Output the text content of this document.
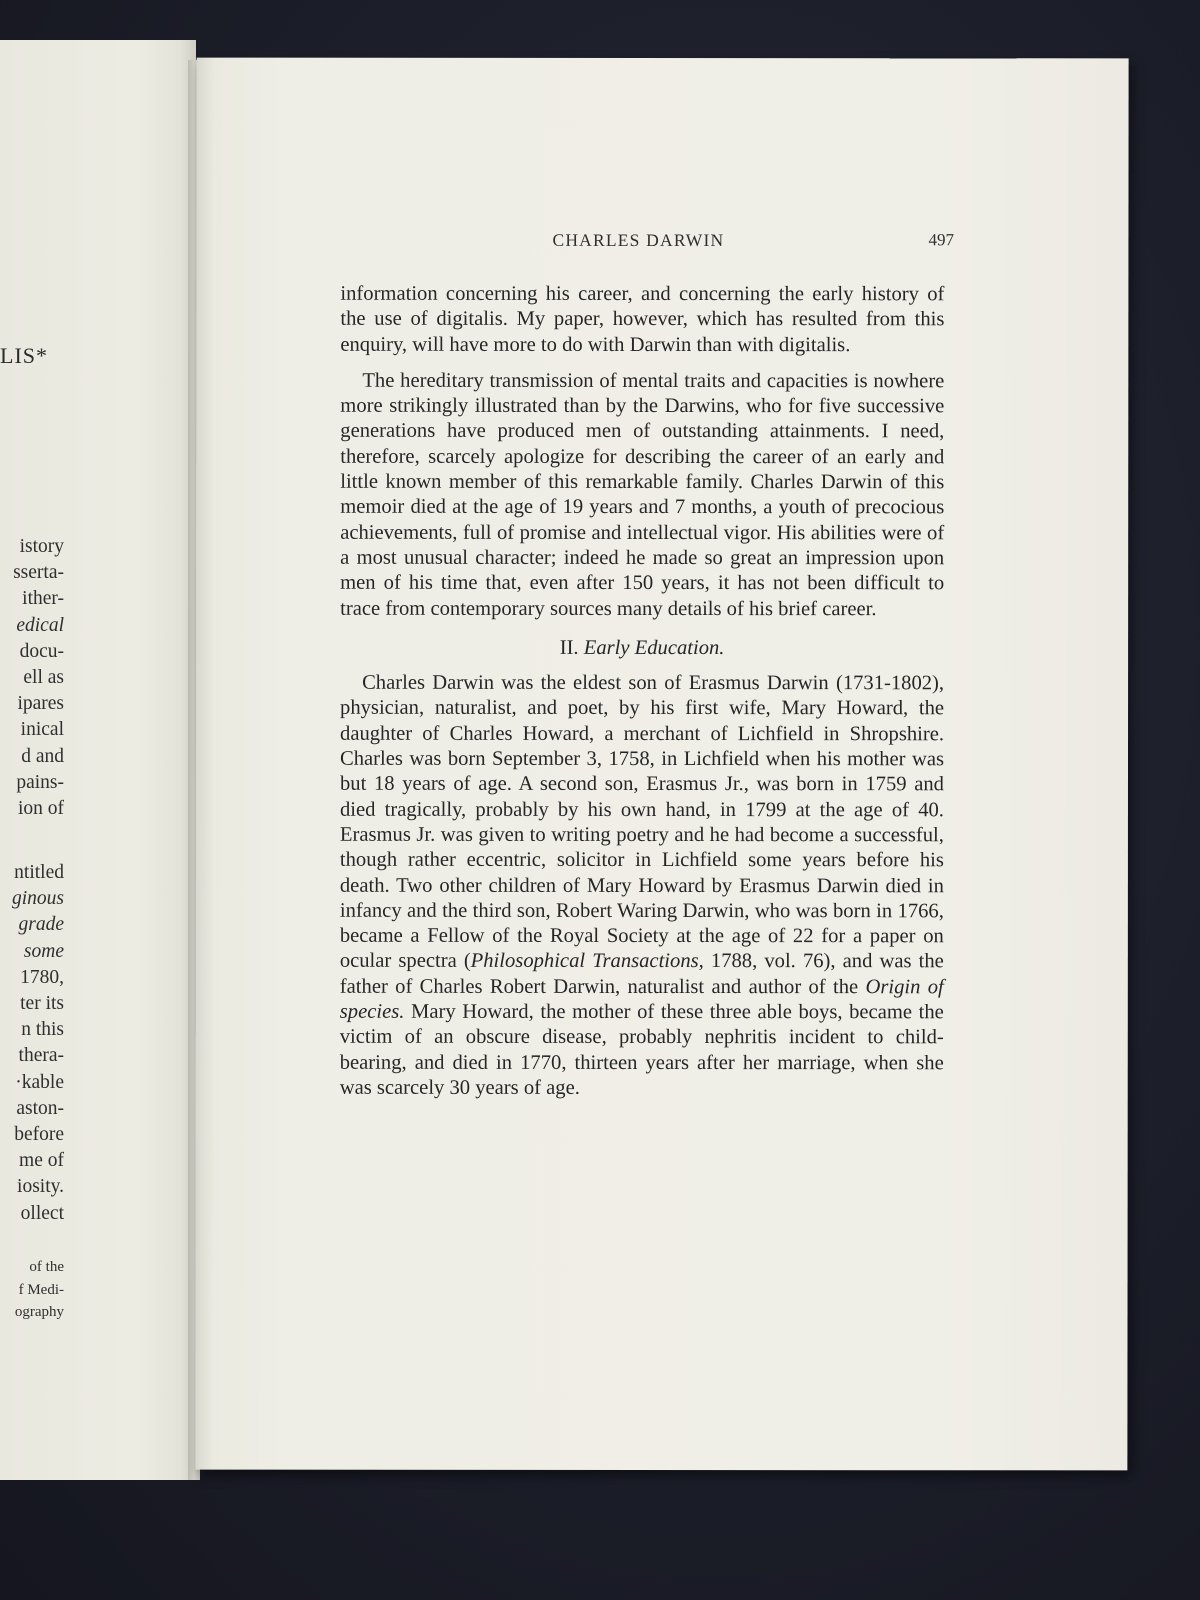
LIS*
istory
sserta-
ither-
edical
docu-
ell as
ipares
inical
d and
pains-
ion of
ntitled
ginous
grade
some
1780,
ter its
n this
thera-
·kable
aston-
before
me of
iosity.
ollect
of the
f Medi-
ography
CHARLES DARWIN	497

information concerning his career, and concerning the early history of the use of digitalis. My paper, however, which has resulted from this enquiry, will have more to do with Darwin than with digitalis.

The hereditary transmission of mental traits and capacities is nowhere more strikingly illustrated than by the Darwins, who for five successive generations have produced men of outstanding attainments. I need, therefore, scarcely apologize for describing the career of an early and little known member of this remarkable family. Charles Darwin of this memoir died at the age of 19 years and 7 months, a youth of precocious achievements, full of promise and intellectual vigor. His abilities were of a most unusual character; indeed he made so great an impression upon men of his time that, even after 150 years, it has not been difficult to trace from contemporary sources many details of his brief career.

II. Early Education.

Charles Darwin was the eldest son of Erasmus Darwin (1731-1802), physician, naturalist, and poet, by his first wife, Mary Howard, the daughter of Charles Howard, a merchant of Lichfield in Shropshire. Charles was born September 3, 1758, in Lichfield when his mother was but 18 years of age. A second son, Erasmus Jr., was born in 1759 and died tragically, probably by his own hand, in 1799 at the age of 40. Erasmus Jr. was given to writing poetry and he had become a successful, though rather eccentric, solicitor in Lichfield some years before his death. Two other children of Mary Howard by Erasmus Darwin died in infancy and the third son, Robert Waring Darwin, who was born in 1766, became a Fellow of the Royal Society at the age of 22 for a paper on ocular spectra (Philosophical Transactions, 1788, vol. 76), and was the father of Charles Robert Darwin, naturalist and author of the Origin of species. Mary Howard, the mother of these three able boys, became the victim of an obscure disease, probably nephritis incident to child-bearing, and died in 1770, thirteen years after her marriage, when she was scarcely 30 years of age.
